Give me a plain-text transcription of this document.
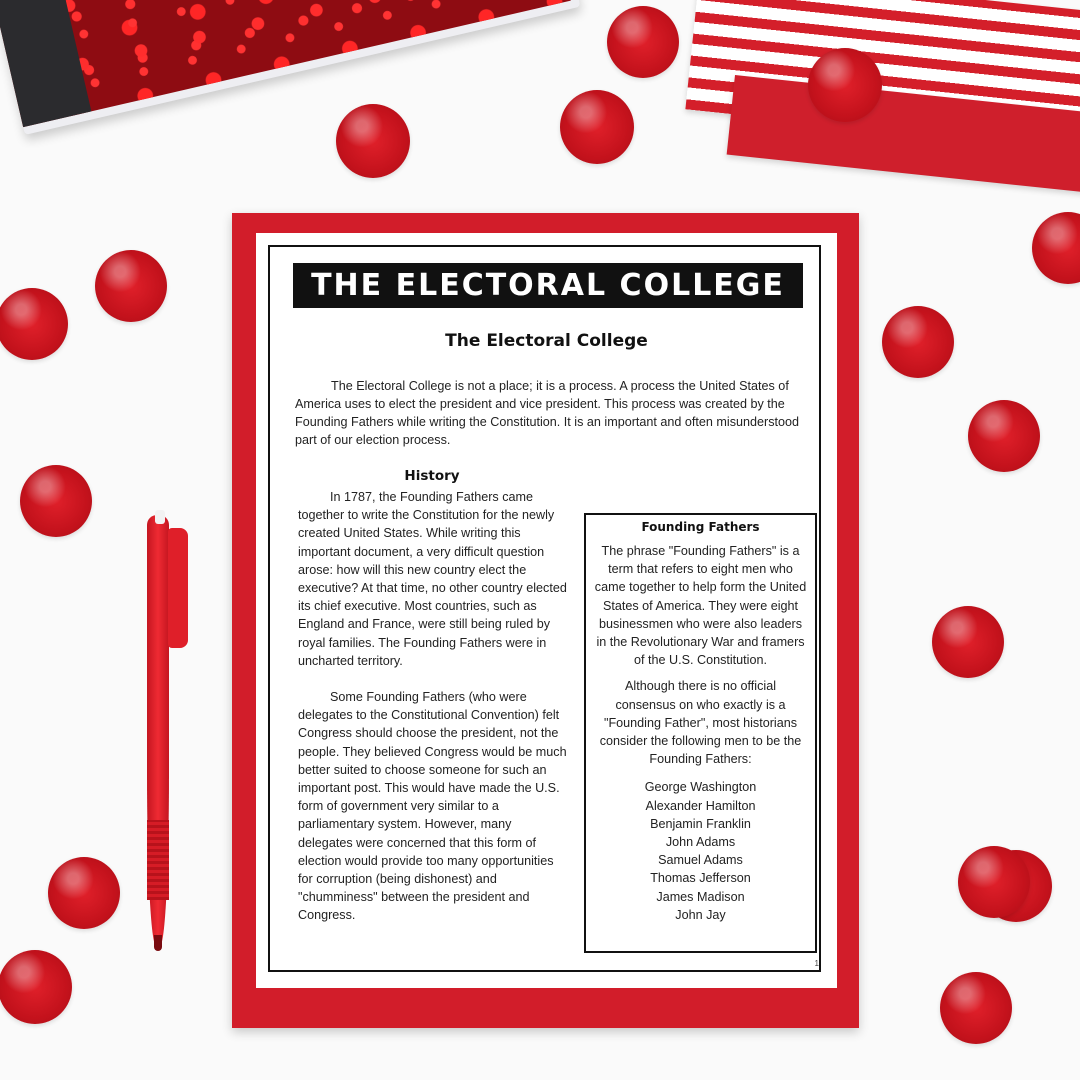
THE ELECTORAL COLLEGE
The Electoral College

The Electoral College is not a place; it is a process. A process the United States of America uses to elect the president and vice president. This process was created by the Founding Fathers while writing the Constitution. It is an important and often misunderstood part of our election process.

History

In 1787, the Founding Fathers came together to write the Constitution for the newly created United States. While writing this important document, a very difficult question arose: how will this new country elect the executive? At that time, no other country elected its chief executive. Most countries, such as England and France, were still being ruled by royal families. The Founding Fathers were in uncharted territory.

Some Founding Fathers (who were delegates to the Constitutional Convention) felt Congress should choose the president, not the people. They believed Congress would be much better suited to choose someone for such an important post. This would have made the U.S. form of government very similar to a parliamentary system. However, many delegates were concerned that this form of election would provide too many opportunities for corruption (being dishonest) and "chumminess" between the president and Congress.

Founding Fathers

The phrase "Founding Fathers" is a term that refers to eight men who came together to help form the United States of America. They were eight businessmen who were also leaders in the Revolutionary War and framers of the U.S. Constitution.

Although there is no official consensus on who exactly is a "Founding Father", most historians consider the following men to be the Founding Fathers:

George Washington
Alexander Hamilton
Benjamin Franklin
John Adams
Samuel Adams
Thomas Jefferson
James Madison
John Jay
1
